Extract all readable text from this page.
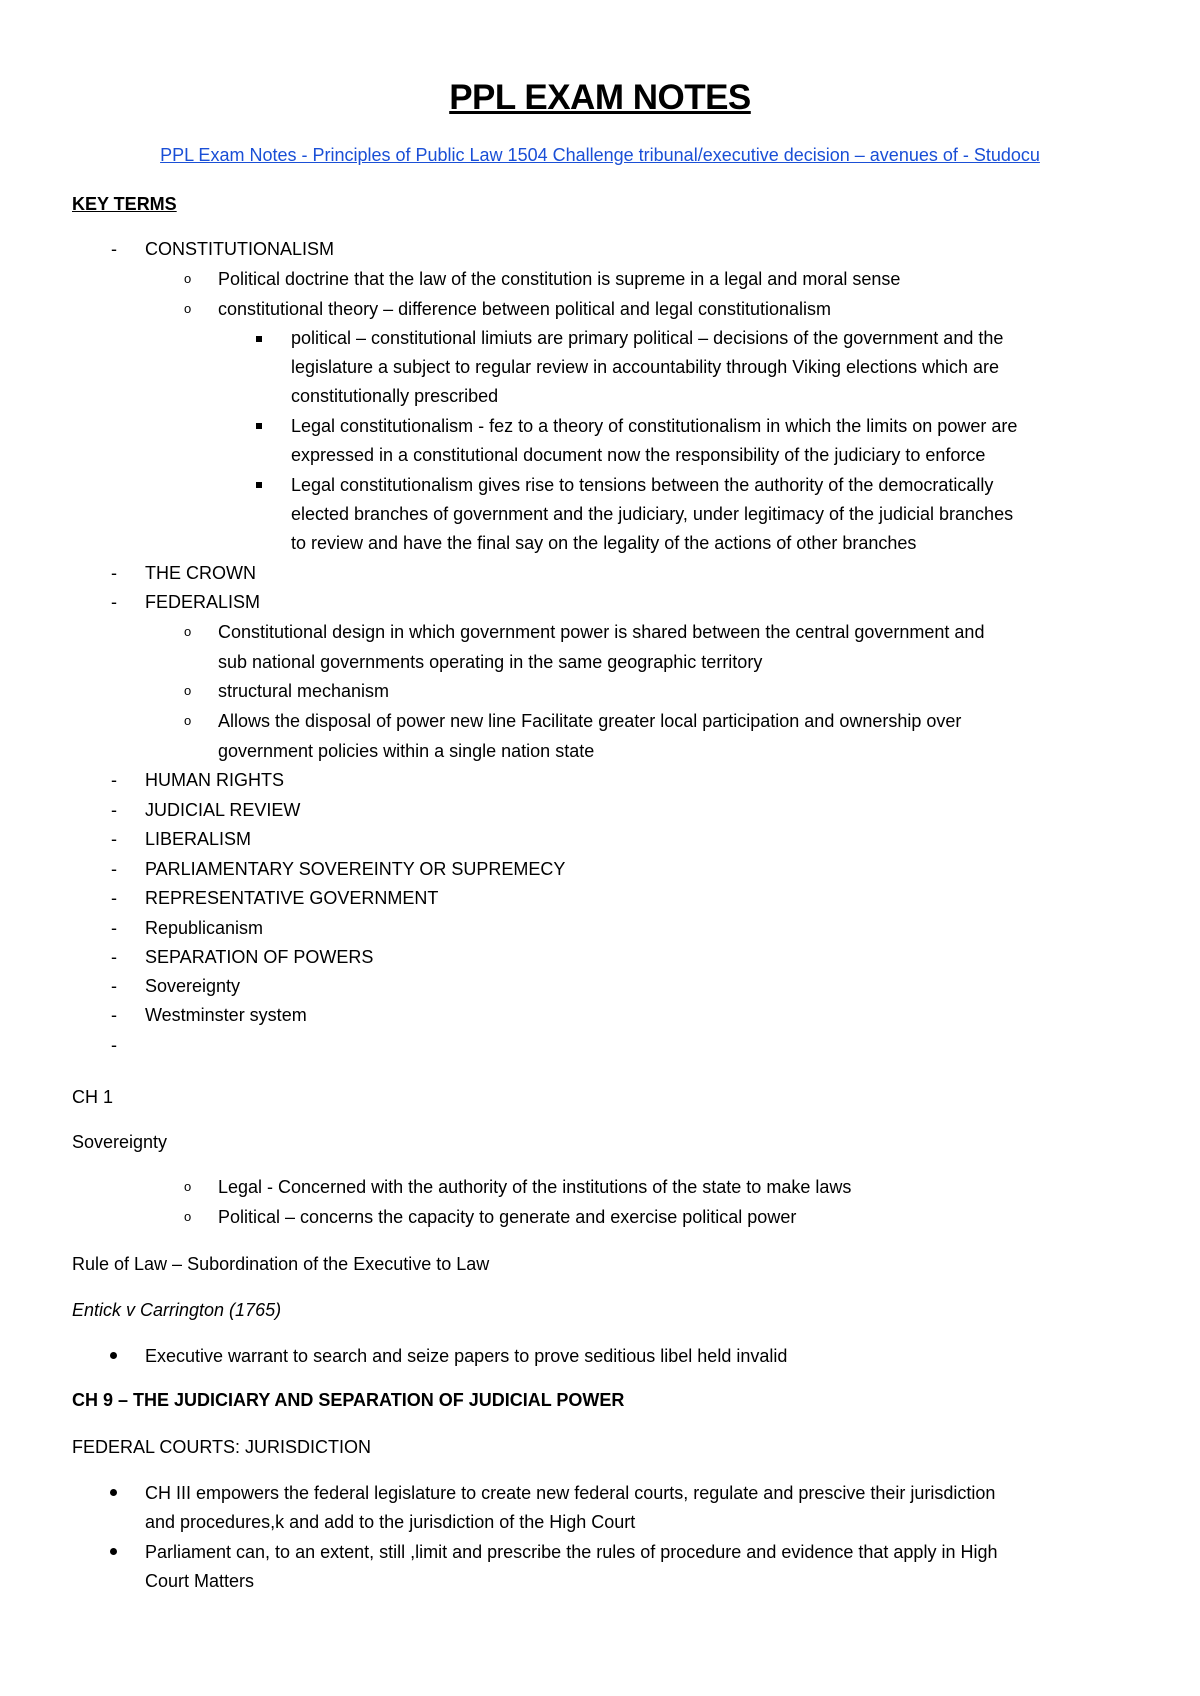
PPL EXAM NOTES
PPL Exam Notes - Principles of Public Law 1504 Challenge tribunal/executive decision – avenues of - Studocu
KEY TERMS
- CONSTITUTIONALISM
o Political doctrine that the law of the constitution is supreme in a legal and moral sense
o constitutional theory – difference between political and legal constitutionalism
political – constitutional limiuts are primary political – decisions of the government and the
legislature a subject to regular review in accountability through Viking elections which are
constitutionally prescribed
Legal constitutionalism - fez to a theory of constitutionalism in which the limits on power are
expressed in a constitutional document now the responsibility of the judiciary to enforce
Legal constitutionalism gives rise to tensions between the authority of the democratically
elected branches of government and the judiciary, under legitimacy of the judicial branches
to review and have the final say on the legality of the actions of other branches
- THE CROWN
- FEDERALISM
o Constitutional design in which government power is shared between the central government and
sub national governments operating in the same geographic territory
o structural mechanism
o Allows the disposal of power new line Facilitate greater local participation and ownership over
government policies within a single nation state
- HUMAN RIGHTS
- JUDICIAL REVIEW
- LIBERALISM
- PARLIAMENTARY SOVEREINTY OR SUPREMECY
- REPRESENTATIVE GOVERNMENT
- Republicanism
- SEPARATION OF POWERS
- Sovereignty
- Westminster system
-
CH 1
Sovereignty
o Legal - Concerned with the authority of the institutions of the state to make laws
o Political – concerns the capacity to generate and exercise political power
Rule of Law – Subordination of the Executive to Law
Entick v Carrington (1765)
Executive warrant to search and seize papers to prove seditious libel held invalid
CH 9 – THE JUDICIARY AND SEPARATION OF JUDICIAL POWER
FEDERAL COURTS: JURISDICTION
CH III empowers the federal legislature to create new federal courts, regulate and prescive their jurisdiction
and procedures,k and add to the jurisdiction of the High Court
Parliament can, to an extent, still ,limit and prescribe the rules of procedure and evidence that apply in High
Court Matters
